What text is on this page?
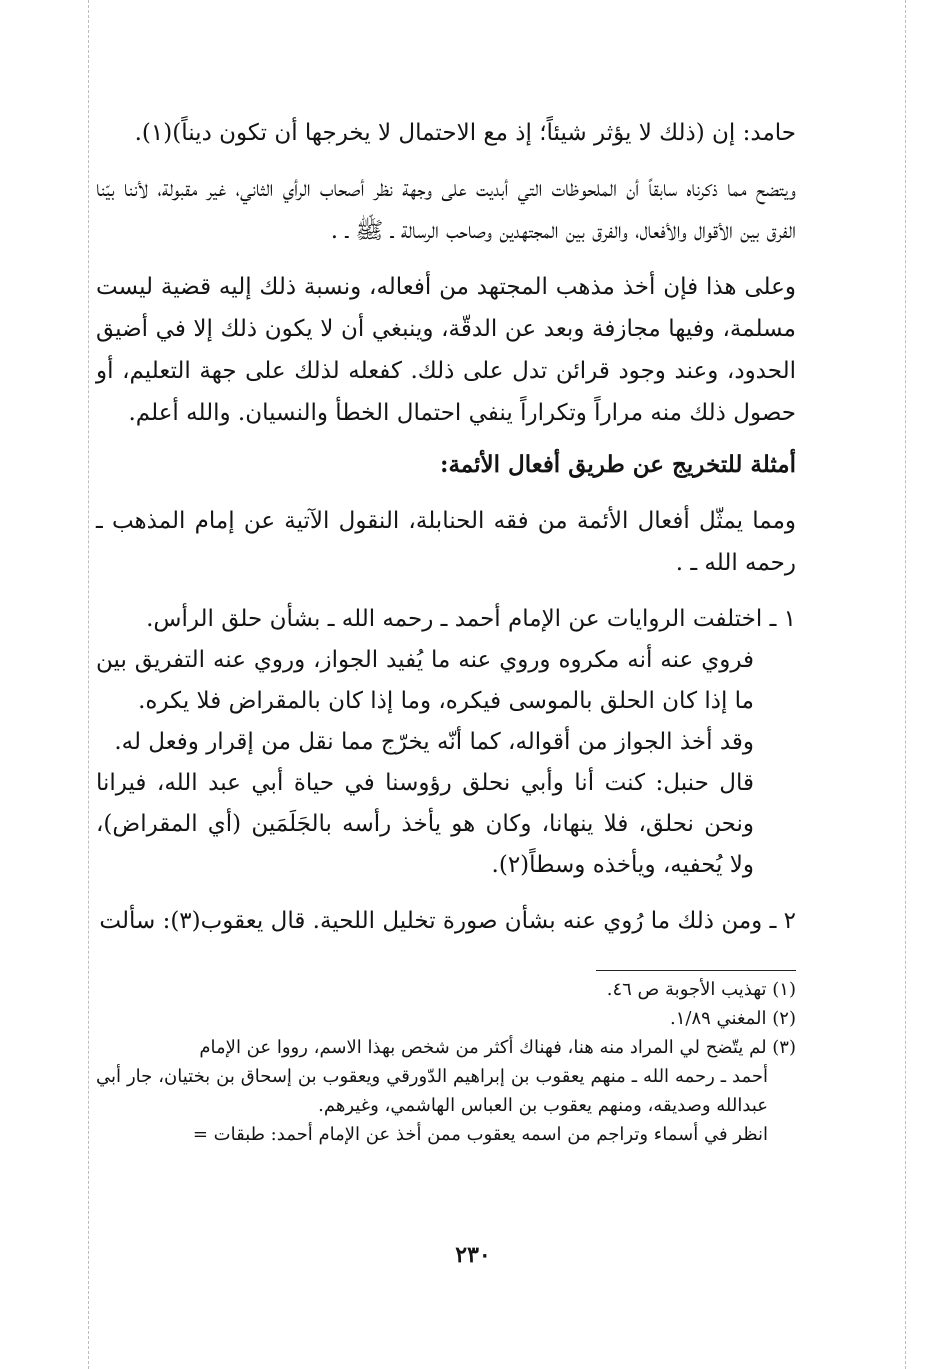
حامد: إن (ذلك لا يؤثر شيئاً؛ إذ مع الاحتمال لا يخرجها أن تكون ديناً)(١).

ويتضح مما ذكرناه سابقاً أن الملحوظات التي أبديت على وجهة نظر أصحاب الرأي الثاني، غير مقبولة، لأننا بيّنا الفرق بين الأقوال والأفعال، والفرق بين المجتهدين وصاحب الرسالة ـ ﷺ ـ .

وعلى هذا فإن أخذ مذهب المجتهد من أفعاله، ونسبة ذلك إليه قضية ليست مسلمة، وفيها مجازفة وبعد عن الدقّة، وينبغي أن لا يكون ذلك إلا في أضيق الحدود، وعند وجود قرائن تدل على ذلك. كفعله لذلك على جهة التعليم، أو حصول ذلك منه مراراً وتكراراً ينفي احتمال الخطأ والنسيان. والله أعلم.

أمثلة للتخريج عن طريق أفعال الأئمة:

ومما يمثّل أفعال الأئمة من فقه الحنابلة، النقول الآتية عن إمام المذهب ـ رحمه الله ـ .

١ ـ اختلفت الروايات عن الإمام أحمد ـ رحمه الله ـ بشأن حلق الرأس.

فروي عنه أنه مكروه وروي عنه ما يُفيد الجواز، وروي عنه التفريق بين ما إذا كان الحلق بالموسى فيكره، وما إذا كان بالمقراض فلا يكره.

وقد أخذ الجواز من أقواله، كما أنّه يخرّج مما نقل من إقرار وفعل له.

قال حنبل: كنت أنا وأبي نحلق رؤوسنا في حياة أبي عبد الله، فيرانا ونحن نحلق، فلا ينهانا، وكان هو يأخذ رأسه بالجَلَمَين (أي المقراض)، ولا يُحفيه، ويأخذه وسطاً(٢).

٢ ـ ومن ذلك ما رُوي عنه بشأن صورة تخليل اللحية. قال يعقوب(٣): سألت

(١) تهذيب الأجوبة ص ٤٦.

(٢) المغني ١/٨٩.

(٣) لم يتّضح لي المراد منه هنا، فهناك أكثر من شخص بهذا الاسم، رووا عن الإمام

أحمد ـ رحمه الله ـ منهم يعقوب بن إبراهيم الدّورقي ويعقوب بن إسحاق بن بختيان، جار أبي عبدالله وصديقه، ومنهم يعقوب بن العباس الهاشمي، وغيرهم.

انظر في أسماء وتراجم من اسمه يعقوب ممن أخذ عن الإمام أحمد: طبقات =

٢٣٠
